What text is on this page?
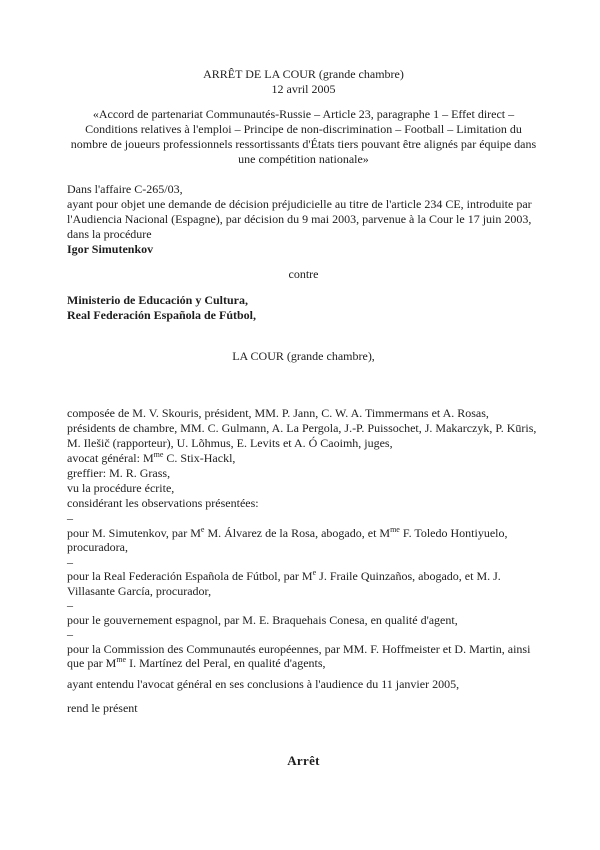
ARRÊT DE LA COUR (grande chambre)
12 avril 2005
«Accord de partenariat Communautés-Russie – Article 23, paragraphe 1 – Effet direct – Conditions relatives à l'emploi – Principe de non-discrimination – Football – Limitation du nombre de joueurs professionnels ressortissants d'États tiers pouvant être alignés par équipe dans une compétition nationale»
Dans l'affaire C-265/03,
ayant pour objet une demande de décision préjudicielle au titre de l'article 234 CE, introduite par l'Audiencia Nacional (Espagne), par décision du 9 mai 2003, parvenue à la Cour le 17 juin 2003, dans la procédure
Igor Simutenkov
contre
Ministerio de Educación y Cultura,
Real Federación Española de Fútbol,
LA COUR (grande chambre),
composée de M. V. Skouris, président, MM. P. Jann, C. W. A. Timmermans et A. Rosas, présidents de chambre, MM. C. Gulmann, A. La Pergola, J.-P. Puissochet, J. Makarczyk, P. Kūris, M. Ilešič (rapporteur), U. Lõhmus, E. Levits et A. Ó Caoimh, juges,
avocat général: $M^{me}$ C. Stix-Hackl,
greffier: M. R. Grass,
vu la procédure écrite,
considérant les observations présentées:
–
pour M. Simutenkov, par Me M. Álvarez de la Rosa, abogado, et $M^{me}$ F. Toledo Hontiyuelo, procuradora,
–
pour la Real Federación Española de Fútbol, par Me J. Fraile Quinzaños, abogado, et M. J. Villasante García, procurador,
–
pour le gouvernement espagnol, par M. E. Braquehais Conesa, en qualité d'agent,
–
pour la Commission des Communautés européennes, par MM. F. Hoffmeister et D. Martin, ainsi que par $M^{me}$ I. Martínez del Peral, en qualité d'agents,
ayant entendu l'avocat général en ses conclusions à l'audience du 11 janvier 2005,
rend le présent
Arrêt
